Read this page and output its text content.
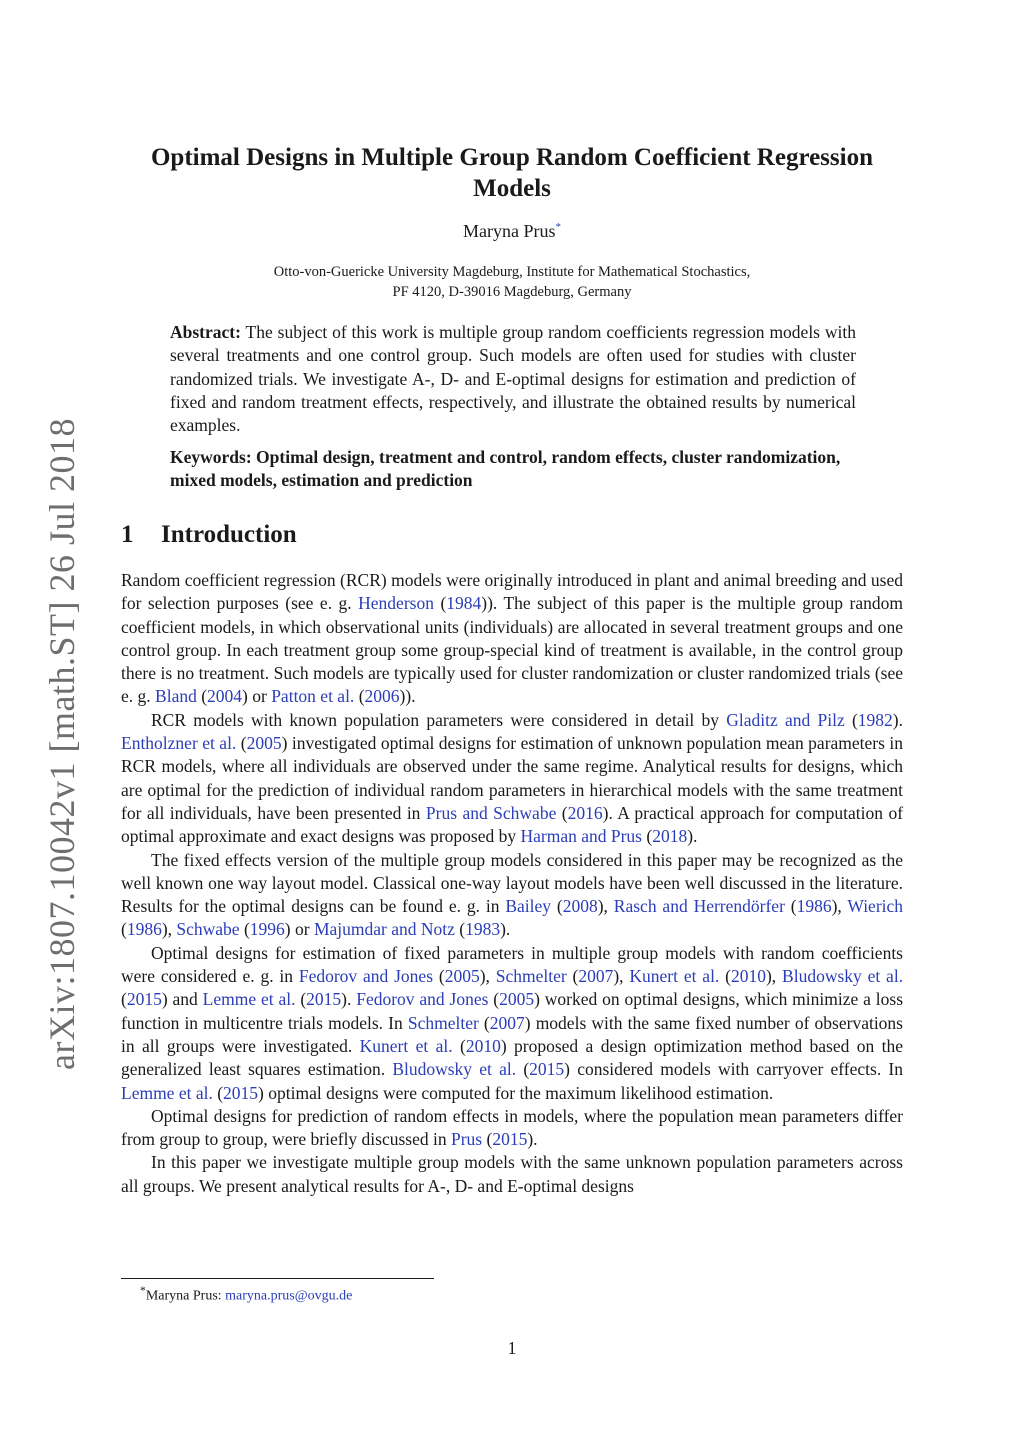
arXiv:1807.10042v1 [math.ST] 26 Jul 2018
Optimal Designs in Multiple Group Random Coefficient Regression Models
Maryna Prus*
Otto-von-Guericke University Magdeburg, Institute for Mathematical Stochastics,
PF 4120, D-39016 Magdeburg, Germany
Abstract: The subject of this work is multiple group random coefficients regression models with several treatments and one control group. Such models are often used for studies with cluster randomized trials. We investigate A-, D- and E-optimal designs for estimation and prediction of fixed and random treatment effects, respectively, and illustrate the obtained results by numerical examples.
Keywords: Optimal design, treatment and control, random effects, cluster randomization, mixed models, estimation and prediction
1 Introduction

Random coefficient regression (RCR) models were originally introduced in plant and animal breeding and used for selection purposes (see e. g. Henderson (1984)). The subject of this paper is the multiple group random coefficient models, in which observational units (individuals) are allocated in several treatment groups and one control group. In each treatment group some group-special kind of treatment is available, in the control group there is no treatment. Such models are typically used for cluster randomization or cluster randomized trials (see e. g. Bland (2004) or Patton et al. (2006)).

RCR models with known population parameters were considered in detail by Gladitz and Pilz (1982). Entholzner et al. (2005) investigated optimal designs for estimation of unknown population mean parameters in RCR models, where all individuals are observed under the same regime. Analytical results for designs, which are optimal for the prediction of individual random parameters in hierarchical models with the same treatment for all individuals, have been presented in Prus and Schwabe (2016). A practical approach for computation of optimal approximate and exact designs was proposed by Harman and Prus (2018).

The fixed effects version of the multiple group models considered in this paper may be recognized as the well known one way layout model. Classical one-way layout models have been well discussed in the literature. Results for the optimal designs can be found e. g. in Bailey (2008), Rasch and Herrendörfer (1986), Wierich (1986), Schwabe (1996) or Majumdar and Notz (1983).

Optimal designs for estimation of fixed parameters in multiple group models with random coefficients were considered e. g. in Fedorov and Jones (2005), Schmelter (2007), Kunert et al. (2010), Bludowsky et al. (2015) and Lemme et al. (2015). Fedorov and Jones (2005) worked on optimal designs, which minimize a loss function in multicentre trials models. In Schmelter (2007) models with the same fixed number of observations in all groups were investigated. Kunert et al. (2010) proposed a design optimization method based on the generalized least squares estimation. Bludowsky et al. (2015) considered models with carryover effects. In Lemme et al. (2015) optimal designs were computed for the maximum likelihood estimation.

Optimal designs for prediction of random effects in models, where the population mean parameters differ from group to group, were briefly discussed in Prus (2015).

In this paper we investigate multiple group models with the same unknown population parameters across all groups. We present analytical results for A-, D- and E-optimal designs

*Maryna Prus: maryna.prus@ovgu.de
1
